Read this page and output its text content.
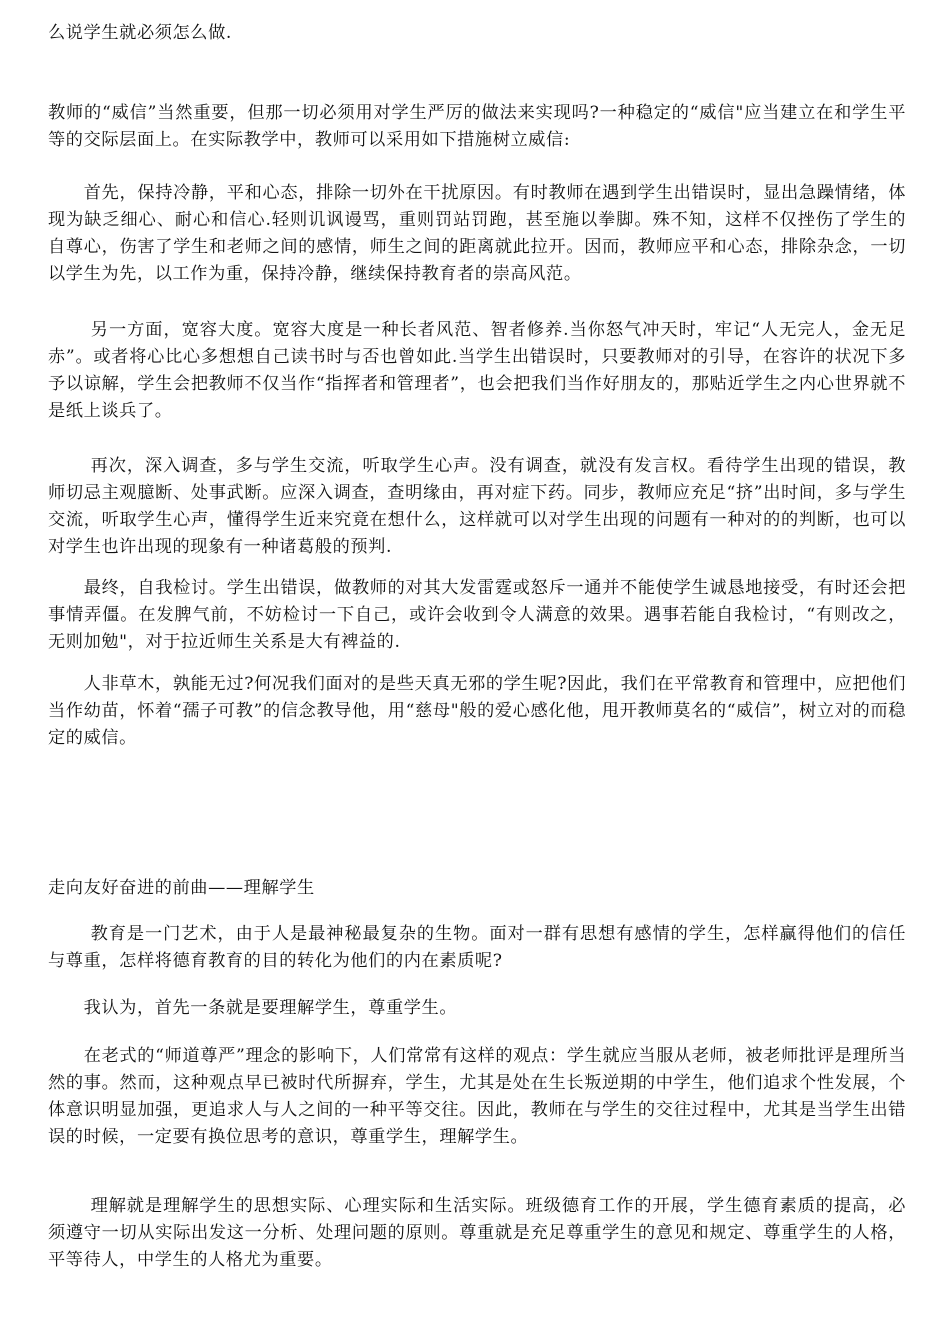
么说学生就必须怎么做.

教师的“威信”当然重要，但那一切必须用对学生严厉的做法来实现吗?一种稳定的“威信"应当建立在和学生平等的交际层面上。在实际教学中，教师可以采用如下措施树立威信:

　　首先，保持冷静，平和心态，排除一切外在干扰原因。有时教师在遇到学生出错误时，显出急躁情绪，体现为缺乏细心、耐心和信心.轻则讥讽谩骂，重则罚站罚跑，甚至施以拳脚。殊不知，这样不仅挫伤了学生的自尊心，伤害了学生和老师之间的感情，师生之间的距离就此拉开。因而，教师应平和心态，排除杂念，一切以学生为先，以工作为重，保持冷静，继续保持教育者的崇高风范。

　　 另一方面，宽容大度。宽容大度是一种长者风范、智者修养.当你怒气冲天时，牢记“人无完人，金无足赤”。或者将心比心多想想自己读书时与否也曾如此.当学生出错误时，只要教师对的引导，在容许的状况下多予以谅解，学生会把教师不仅当作“指挥者和管理者”，也会把我们当作好朋友的，那贴近学生之内心世界就不是纸上谈兵了。

　　 再次，深入调查，多与学生交流，听取学生心声。没有调查，就没有发言权。看待学生出现的错误，教师切忌主观臆断、处事武断。应深入调查，查明缘由，再对症下药。同步，教师应充足“挤”出时间，多与学生交流，听取学生心声，懂得学生近来究竟在想什么，这样就可以对学生出现的问题有一种对的的判断，也可以对学生也许出现的现象有一种诸葛般的预判.

　　最终，自我检讨。学生出错误，做教师的对其大发雷霆或怒斥一通并不能使学生诚恳地接受，有时还会把事情弄僵。在发脾气前，不妨检讨一下自己，或许会收到令人满意的效果。遇事若能自我检讨，“有则改之，无则加勉"，对于拉近师生关系是大有裨益的.

　　人非草木，孰能无过?何况我们面对的是些天真无邪的学生呢?因此，我们在平常教育和管理中，应把他们当作幼苗，怀着“孺子可教”的信念教导他，用“慈母"般的爱心感化他，甩开教师莫名的“威信”，树立对的而稳定的威信。

走向友好奋进的前曲——理解学生

　　 教育是一门艺术，由于人是最神秘最复杂的生物。面对一群有思想有感情的学生，怎样赢得他们的信任与尊重，怎样将德育教育的目的转化为他们的内在素质呢?

　　我认为，首先一条就是要理解学生，尊重学生。

　　在老式的“师道尊严”理念的影响下，人们常常有这样的观点：学生就应当服从老师，被老师批评是理所当然的事。然而，这种观点早已被时代所摒弃，学生，尤其是处在生长叛逆期的中学生，他们追求个性发展，个体意识明显加强，更追求人与人之间的一种平等交往。因此，教师在与学生的交往过程中，尤其是当学生出错误的时候，一定要有换位思考的意识，尊重学生，理解学生。

　　 理解就是理解学生的思想实际、心理实际和生活实际。班级德育工作的开展，学生德育素质的提高，必须遵守一切从实际出发这一分析、处理问题的原则。尊重就是充足尊重学生的意见和规定、尊重学生的人格，平等待人，中学生的人格尤为重要。
